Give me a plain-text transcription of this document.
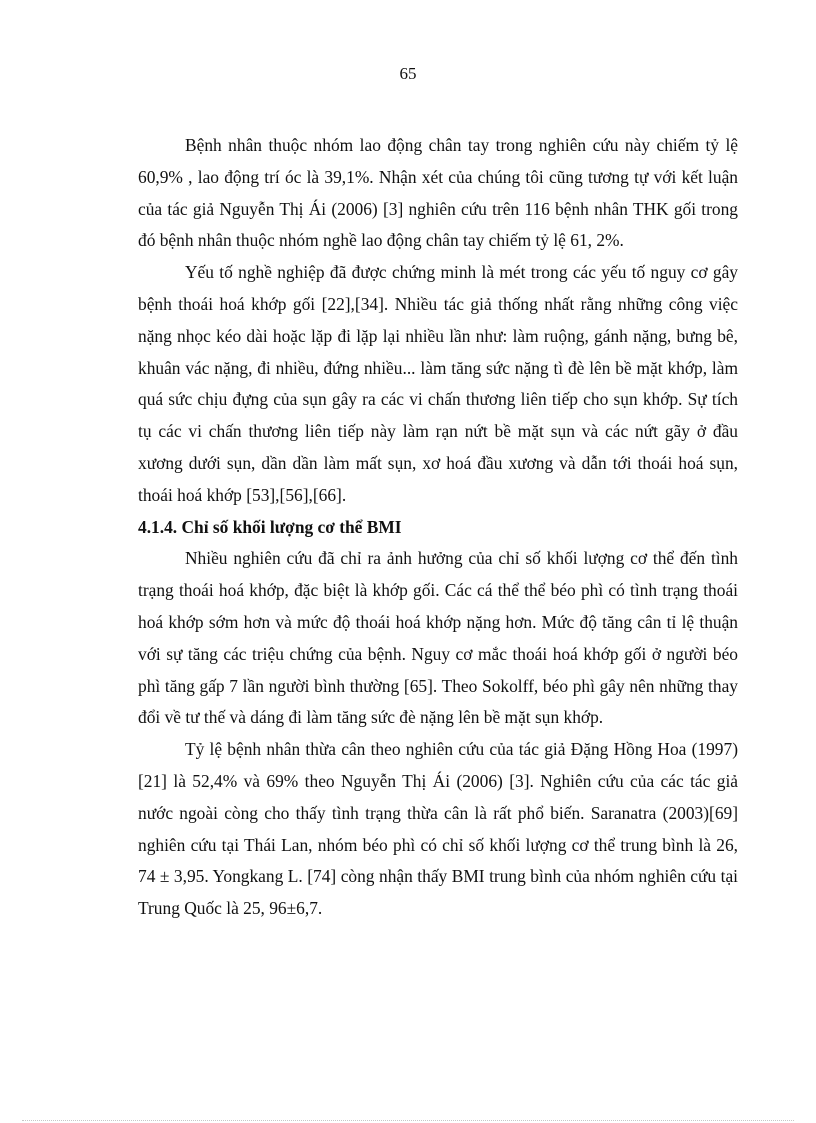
65

Bệnh nhân thuộc nhóm lao động chân tay trong nghiên cứu này chiếm tỷ lệ 60,9% , lao động trí óc là 39,1%. Nhận xét của chúng tôi cũng tương tự với kết luận của tác giả Nguyễn Thị Ái (2006) [3] nghiên cứu trên 116 bệnh nhân THK gối trong đó bệnh nhân thuộc nhóm nghề lao động chân tay chiếm tỷ lệ 61, 2%.

Yếu tố nghề nghiệp đã được chứng minh là mét trong các yếu tố nguy cơ gây bệnh thoái hoá khớp gối [22],[34]. Nhiều tác giả thống nhất rằng những công việc nặng nhọc kéo dài hoặc lặp đi lặp lại nhiều lần như: làm ruộng, gánh nặng, bưng bê, khuân vác nặng, đi nhiều, đứng nhiều... làm tăng sức nặng tì đè lên bề mặt khớp, làm quá sức chịu đựng của sụn gây ra các vi chấn thương liên tiếp cho sụn khớp. Sự tích tụ các vi chấn thương liên tiếp này làm rạn nứt bề mặt sụn và các nứt gãy ở đầu xương dưới sụn, dần dần làm mất sụn, xơ hoá đầu xương và dẫn tới thoái hoá sụn, thoái hoá khớp [53],[56],[66].

4.1.4. Chỉ số khối lượng cơ thể BMI

Nhiều nghiên cứu đã chỉ ra ảnh hưởng của chỉ số khối lượng cơ thể đến tình trạng thoái hoá khớp, đặc biệt là khớp gối. Các cá thể thể béo phì có tình trạng thoái hoá khớp sớm hơn và mức độ thoái hoá khớp nặng hơn. Mức độ tăng cân tỉ lệ thuận với sự tăng các triệu chứng của bệnh. Nguy cơ mắc thoái hoá khớp gối ở người béo phì tăng gấp 7 lần người bình thường [65]. Theo Sokolff, béo phì gây nên những thay đổi về tư thế và dáng đi làm tăng sức đè nặng lên bề mặt sụn khớp.

Tỷ lệ bệnh nhân thừa cân theo nghiên cứu của tác giả Đặng Hồng Hoa (1997) [21] là 52,4% và 69% theo Nguyễn Thị Ái (2006) [3]. Nghiên cứu của các tác giả nước ngoài còng cho thấy tình trạng thừa cân là rất phổ biến. Saranatra (2003)[69] nghiên cứu tại Thái Lan, nhóm béo phì có chỉ số khối lượng cơ thể trung bình là 26, 74 ± 3,95. Yongkang L. [74] còng nhận thấy BMI trung bình của nhóm nghiên cứu tại Trung Quốc là 25, 96±6,7.
